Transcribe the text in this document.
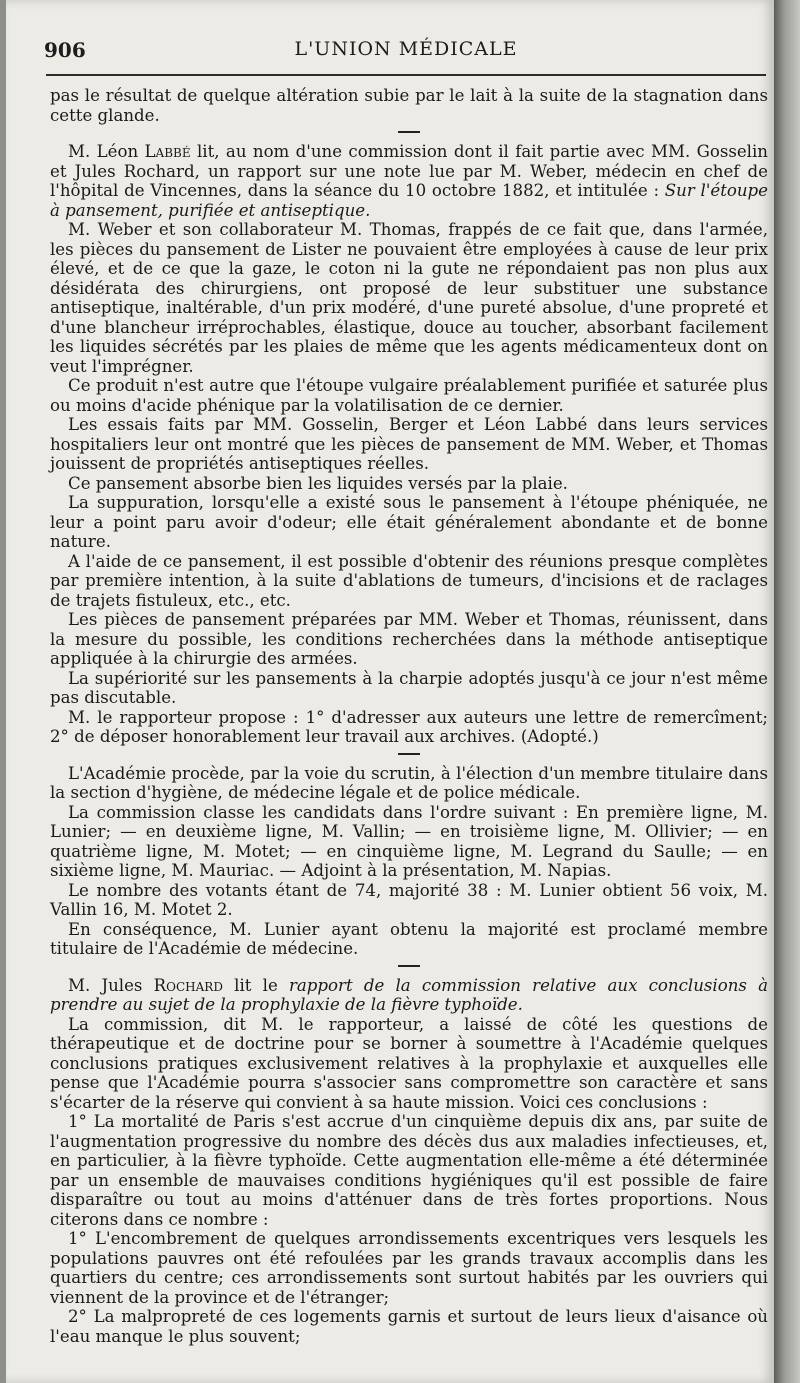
906	L'UNION MÉDICALE

pas le résultat de quelque altération subie par le lait à la suite de la stagnation dans cette glande.

M. Léon Labbé lit, au nom d'une commission dont il fait partie avec MM. Gosselin et Jules Rochard, un rapport sur une note lue par M. Weber, médecin en chef de l'hôpital de Vincennes, dans la séance du 10 octobre 1882, et intitulée : Sur l'étoupe à pansement, purifiée et antiseptique.

M. Weber et son collaborateur M. Thomas, frappés de ce fait que, dans l'armée, les pièces du pansement de Lister ne pouvaient être employées à cause de leur prix élevé, et de ce que la gaze, le coton ni la gute ne répondaient pas non plus aux désidérata des chirurgiens, ont proposé de leur substituer une substance antiseptique, inaltérable, d'un prix modéré, d'une pureté absolue, d'une propreté et d'une blancheur irréprochables, élastique, douce au toucher, absorbant facilement les liquides sécrétés par les plaies de même que les agents médicamenteux dont on veut l'imprégner.

Ce produit n'est autre que l'étoupe vulgaire préalablement purifiée et saturée plus ou moins d'acide phénique par la volatilisation de ce dernier.

Les essais faits par MM. Gosselin, Berger et Léon Labbé dans leurs services hospitaliers leur ont montré que les pièces de pansement de MM. Weber, et Thomas jouissent de propriétés antiseptiques réelles.

Ce pansement absorbe bien les liquides versés par la plaie.

La suppuration, lorsqu'elle a existé sous le pansement à l'étoupe phéniquée, ne leur a point paru avoir d'odeur; elle était généralement abondante et de bonne nature.

A l'aide de ce pansement, il est possible d'obtenir des réunions presque complètes par première intention, à la suite d'ablations de tumeurs, d'incisions et de raclages de trajets fistuleux, etc., etc.

Les pièces de pansement préparées par MM. Weber et Thomas, réunissent, dans la mesure du possible, les conditions recherchées dans la méthode antiseptique appliquée à la chirurgie des armées.

La supériorité sur les pansements à la charpie adoptés jusqu'à ce jour n'est même pas discutable.

M. le rapporteur propose : 1° d'adresser aux auteurs une lettre de remercîment; 2° de déposer honorablement leur travail aux archives. (Adopté.)

L'Académie procède, par la voie du scrutin, à l'élection d'un membre titulaire dans la section d'hygiène, de médecine légale et de police médicale.

La commission classe les candidats dans l'ordre suivant : En première ligne, M. Lunier; — en deuxième ligne, M. Vallin; — en troisième ligne, M. Ollivier; — en quatrième ligne, M. Motet; — en cinquième ligne, M. Legrand du Saulle; — en sixième ligne, M. Mauriac. — Adjoint à la présentation, M. Napias.

Le nombre des votants étant de 74, majorité 38 : M. Lunier obtient 56 voix, M. Vallin 16, M. Motet 2.

En conséquence, M. Lunier ayant obtenu la majorité est proclamé membre titulaire de l'Académie de médecine.

M. Jules Rochard lit le rapport de la commission relative aux conclusions à prendre au sujet de la prophylaxie de la fièvre typhoïde.

La commission, dit M. le rapporteur, a laissé de côté les questions de thérapeutique et de doctrine pour se borner à soumettre à l'Académie quelques conclusions pratiques exclusivement relatives à la prophylaxie et auxquelles elle pense que l'Académie pourra s'associer sans compromettre son caractère et sans s'écarter de la réserve qui convient à sa haute mission. Voici ces conclusions :

1° La mortalité de Paris s'est accrue d'un cinquième depuis dix ans, par suite de l'augmentation progressive du nombre des décès dus aux maladies infectieuses, et, en particulier, à la fièvre typhoïde. Cette augmentation elle-même a été déterminée par un ensemble de mauvaises conditions hygiéniques qu'il est possible de faire disparaître ou tout au moins d'atténuer dans de très fortes proportions. Nous citerons dans ce nombre :

1° L'encombrement de quelques arrondissements excentriques vers lesquels les populations pauvres ont été refoulées par les grands travaux accomplis dans les quartiers du centre; ces arrondissements sont surtout habités par les ouvriers qui viennent de la province et de l'étranger;

2° La malpropreté de ces logements garnis et surtout de leurs lieux d'aisance où l'eau manque le plus souvent;
